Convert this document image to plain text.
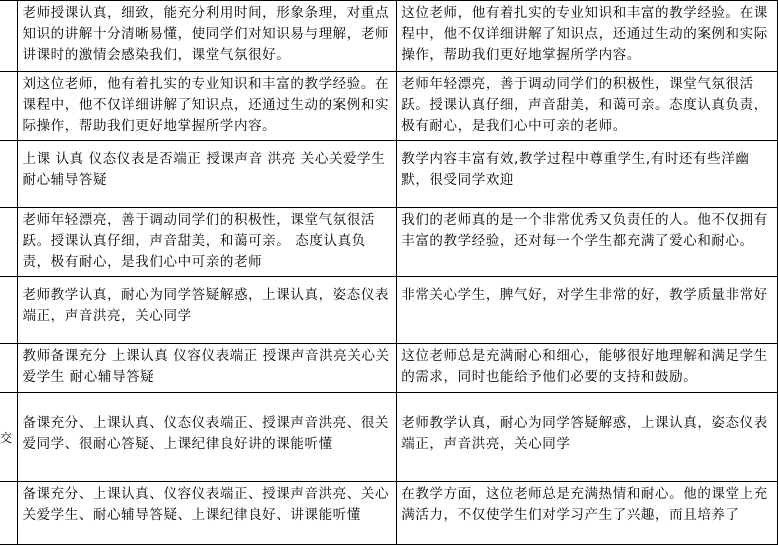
	老师授课认真，细致，能充分利用时间，形象条理，对重点知识的讲解十分清晰易懂，使同学们对知识易与理解，老师讲课时的激情会感染我们，课堂气氛很好。	这位老师，他有着扎实的专业知识和丰富的教学经验。在课程中，他不仅详细讲解了知识点，还通过生动的案例和实际操作，帮助我们更好地掌握所学内容。
	刘这位老师，他有着扎实的专业知识和丰富的教学经验。在课程中，他不仅详细讲解了知识点，还通过生动的案例和实际操作，帮助我们更好地掌握所学内容。	老师年轻漂亮，善于调动同学们的积极性，课堂气氛很活跃。授课认真仔细，声音甜美，和蔼可亲。态度认真负责，极有耐心，是我们心中可亲的老师。
	上课 认真 仪态仪表是否端正 授课声音 洪亮 关心关爱学生 耐心辅导答疑	教学内容丰富有效,教学过程中尊重学生,有时还有些洋幽默，很受同学欢迎
	老师年轻漂亮，善于调动同学们的积极性，课堂气氛很活跃。授课认真仔细，声音甜美，和蔼可亲。 态度认真负责，极有耐心，是我们心中可亲的老师	我们的老师真的是一个非常优秀又负责任的人。他不仅拥有丰富的教学经验，还对每一个学生都充满了爱心和耐心。
	老师教学认真，耐心为同学答疑解惑，上课认真，姿态仪表端正，声音洪亮，关心同学	非常关心学生，脾气好，对学生非常的好，教学质量非常好
	教师备课充分 上课认真 仪容仪表端正 授课声音洪亮关心关爱学生 耐心辅导答疑	这位老师总是充满耐心和细心，能够很好地理解和满足学生的需求，同时也能给予他们必要的支持和鼓励。

交	备课充分、上课认真、仪态仪表端正、授课声音洪亮、很关爱同学、很耐心答疑、上课纪律良好讲的课能听懂	老师教学认真，耐心为同学答疑解惑，上课认真，姿态仪表端正，声音洪亮，关心同学
	备课充分、上课认真、仪容仪表端正、授课声音洪亮、关心关爱学生、耐心辅导答疑、上课纪律良好、讲课能听懂	在教学方面，这位老师总是充满热情和耐心。他的课堂上充满活力，不仅使学生们对学习产生了兴趣，而且培养了
